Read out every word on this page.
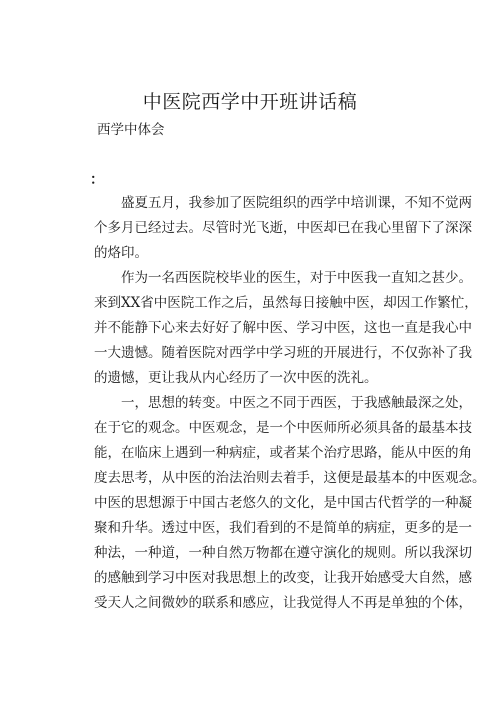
中医院西学中开班讲话稿
西学中体会
：
　　盛夏五月，我参加了医院组织的西学中培训课，不知不觉两
个多月已经过去。尽管时光飞逝，中医却已在我心里留下了深深
的烙印。
　　作为一名西医院校毕业的医生，对于中医我一直知之甚少。
来到XX省中医院工作之后，虽然每日接触中医，却因工作繁忙，
并不能静下心来去好好了解中医、学习中医，这也一直是我心中
一大遗憾。随着医院对西学中学习班的开展进行，不仅弥补了我
的遗憾，更让我从内心经历了一次中医的洗礼。
　　一，思想的转变。中医之不同于西医，于我感触最深之处，
在于它的观念。中医观念，是一个中医师所必须具备的最基本技
能，在临床上遇到一种病症，或者某个治疗思路，能从中医的角
度去思考，从中医的治法治则去着手，这便是最基本的中医观念。
中医的思想源于中国古老悠久的文化，是中国古代哲学的一种凝
聚和升华。透过中医，我们看到的不是简单的病症，更多的是一
种法，一种道，一种自然万物都在遵守演化的规则。所以我深切
的感触到学习中医对我思想上的改变，让我开始感受大自然，感
受天人之间微妙的联系和感应，让我觉得人不再是单独的个体，
